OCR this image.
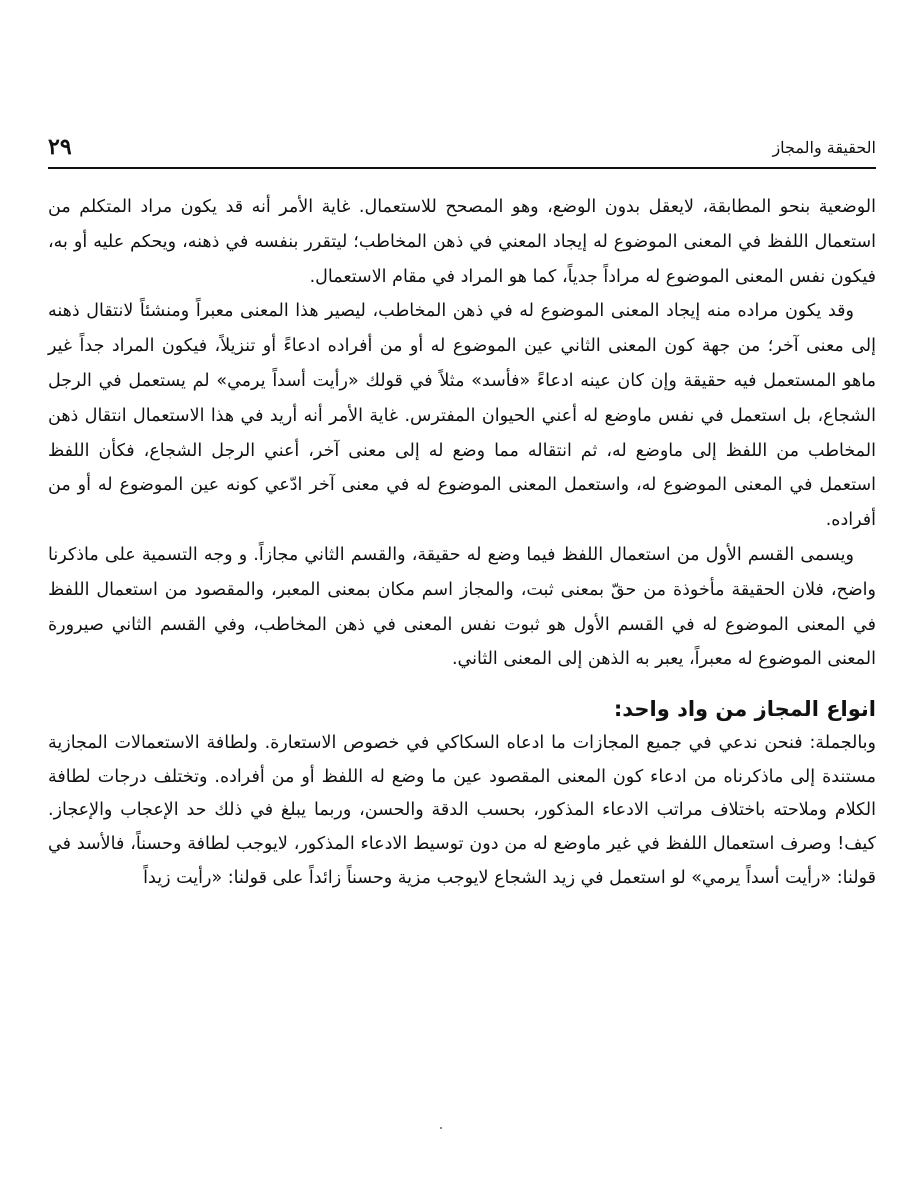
الحقيقة والمجاز
٢٩

الوضعية بنحو المطابقة، لايعقل بدون الوضع، وهو المصحح للاستعمال. غاية الأمر أنه قد يكون مراد المتكلم من استعمال اللفظ في المعنى الموضوع له إيجاد المعني في ذهن المخاطب؛ ليتقرر بنفسه في ذهنه، ويحكم عليه أو به، فيكون نفس المعنى الموضوع له مراداً جدياً، كما هو المراد في مقام الاستعمال.

وقد يكون مراده منه إيجاد المعنى الموضوع له في ذهن المخاطب، ليصير هذا المعنى معبراً ومنشئاً لانتقال ذهنه إلى معنى آخر؛ من جهة كون المعنى الثاني عين الموضوع له أو من أفراده ادعاءً أو تنزيلاً، فيكون المراد جداً غير ماهو المستعمل فيه حقيقة وإن كان عينه ادعاءً «فأسد» مثلاً في قولك «رأيت أسداً يرمي» لم يستعمل في الرجل الشجاع، بل استعمل في نفس ماوضع له أعني الحيوان المفترس. غاية الأمر أنه أريد في هذا الاستعمال انتقال ذهن المخاطب من اللفظ إلى ماوضع له، ثم انتقاله مما وضع له إلى معنى آخر، أعني الرجل الشجاع، فكأن اللفظ استعمل في المعنى الموضوع له، واستعمل المعنى الموضوع له في معنى آخر ادّعي كونه عين الموضوع له أو من أفراده.

ويسمى القسم الأول من استعمال اللفظ فيما وضع له حقيقة، والقسم الثاني مجازاً. و وجه التسمية على ماذكرنا واضح، فلان الحقيقة مأخوذة من حقّ بمعنى ثبت، والمجاز اسم مكان بمعنى المعبر، والمقصود من استعمال اللفظ في المعنى الموضوع له في القسم الأول هو ثبوت نفس المعنى في ذهن المخاطب، وفي القسم الثاني صيرورة المعنى الموضوع له معبراً، يعبر به الذهن إلى المعنى الثاني.

انواع المجاز من واد واحد:

وبالجملة: فنحن ندعي في جميع المجازات ما ادعاه السكاكي في خصوص الاستعارة. ولطافة الاستعمالات المجازية مستندة إلى ماذكرناه من ادعاء كون المعنى المقصود عين ما وضع له اللفظ أو من أفراده. وتختلف درجات لطافة الكلام وملاحته باختلاف مراتب الادعاء المذكور، بحسب الدقة والحسن، وربما يبلغ في ذلك حد الإعجاب والإعجاز. كيف! وصرف استعمال اللفظ في غير ماوضع له من دون توسيط الادعاء المذكور، لايوجب لطافة وحسناً، فالأسد في قولنا: «رأيت أسداً يرمي» لو استعمل في زيد الشجاع لايوجب مزية وحسناً زائداً على قولنا: «رأيت زيداً
